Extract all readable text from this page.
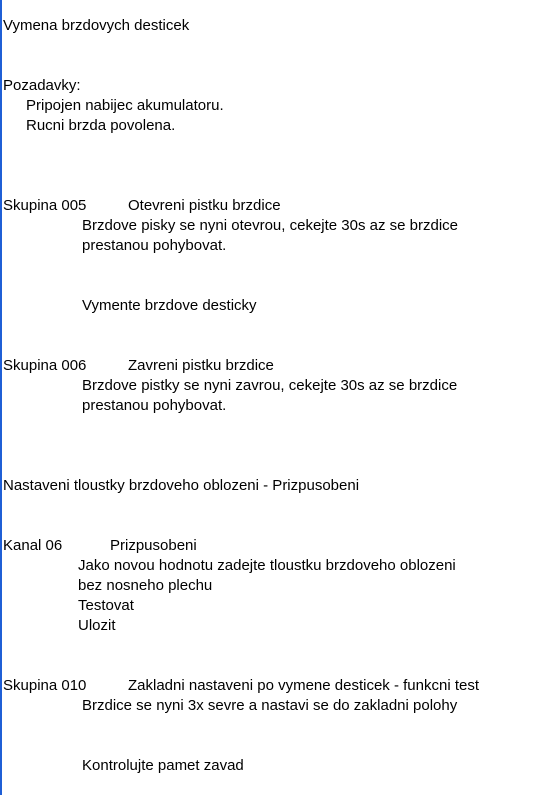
Vymena brzdovych desticek
Pozadavky:
Pripojen nabijec akumulatoru.
Rucni brzda povolena.
Skupina 005	Otevreni pistku brzdice
Brzdove pisky se nyni otevrou, cekejte 30s az se brzdice
prestanou pohybovat.
Vymente brzdove desticky
Skupina 006	Zavreni pistku brzdice
Brzdove pistky se nyni zavrou, cekejte 30s az se brzdice
prestanou pohybovat.
Nastaveni tloustky brzdoveho oblozeni - Prizpusobeni
Kanal 06	Prizpusobeni
Jako novou hodnotu zadejte tloustku brzdoveho oblozeni
bez nosneho plechu
Testovat
Ulozit
Skupina 010	Zakladni nastaveni po vymene desticek - funkcni test
Brzdice se nyni 3x sevre a nastavi se do zakladni polohy
Kontrolujte pamet zavad
